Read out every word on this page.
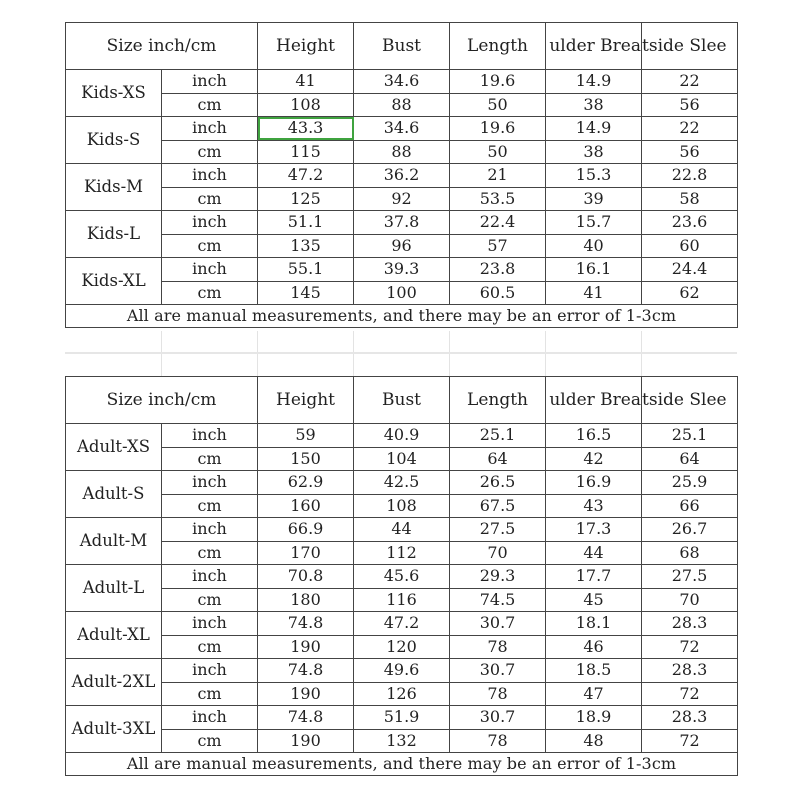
Size inch/cm		Height	Bust	Length	ulder Brea	tside Slee
Kids-XS	inch	41	34.6	19.6	14.9	22
	cm	108	88	50	38	56
Kids-S	inch	43.3	34.6	19.6	14.9	22
	cm	115	88	50	38	56
Kids-M	inch	47.2	36.2	21	15.3	22.8
	cm	125	92	53.5	39	58
Kids-L	inch	51.1	37.8	22.4	15.7	23.6
	cm	135	96	57	40	60
Kids-XL	inch	55.1	39.3	23.8	16.1	24.4
	cm	145	100	60.5	41	62
All are manual measurements, and there may be an error of 1-3cm						
Size inch/cm		Height	Bust	Length	ulder Brea	tside Slee
Adult-XS	inch	59	40.9	25.1	16.5	25.1
	cm	150	104	64	42	64
Adult-S	inch	62.9	42.5	26.5	16.9	25.9
	cm	160	108	67.5	43	66
Adult-M	inch	66.9	44	27.5	17.3	26.7
	cm	170	112	70	44	68
Adult-L	inch	70.8	45.6	29.3	17.7	27.5
	cm	180	116	74.5	45	70
Adult-XL	inch	74.8	47.2	30.7	18.1	28.3
	cm	190	120	78	46	72
Adult-2XL	inch	74.8	49.6	30.7	18.5	28.3
	cm	190	126	78	47	72
Adult-3XL	inch	74.8	51.9	30.7	18.9	28.3
	cm	190	132	78	48	72
All are manual measurements, and there may be an error of 1-3cm						
